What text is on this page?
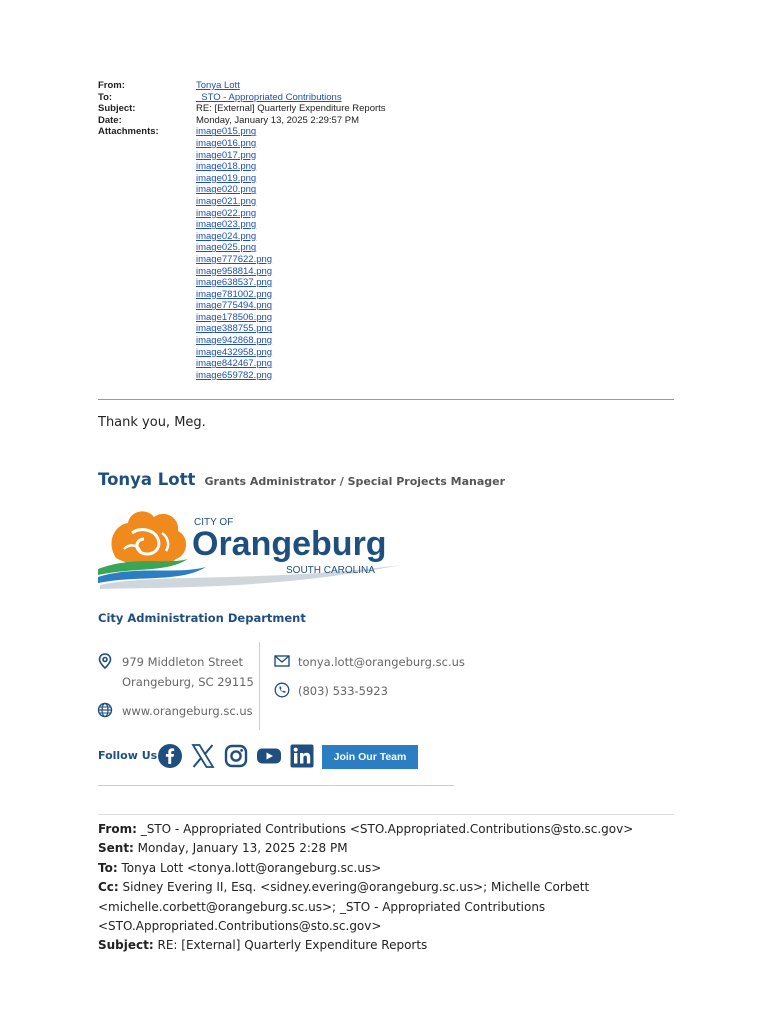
From:	Tonya Lott
To:	_STO - Appropriated Contributions
Subject:	RE: [External] Quarterly Expenditure Reports
Date:	Monday, January 13, 2025 2:29:57 PM
Attachments:	image015.png
image016.png
image017.png
image018.png
image019.png
image020.png
image021.png
image022.png
image023.png
image024.png
image025.png
image777622.png
image958814.png
image638537.png
image781002.png
image775494.png
image178506.png
image388755.png
image942868.png
image432958.png
image842467.png
image659782.png
Thank you, Meg.
Tonya Lott Grants Administrator / Special Projects Manager
CITY OF
Orangeburg
SOUTH CAROLINA
City Administration Department
979 Middleton Street
Orangeburg, SC 29115
www.orangeburg.sc.us
tonya.lott@orangeburg.sc.us
(803) 533-5923
Follow Us	Join Our Team
From: _STO - Appropriated Contributions <STO.Appropriated.Contributions@sto.sc.gov>
Sent: Monday, January 13, 2025 2:28 PM
To: Tonya Lott <tonya.lott@orangeburg.sc.us>
Cc: Sidney Evering II, Esq. <sidney.evering@orangeburg.sc.us>; Michelle Corbett <michelle.corbett@orangeburg.sc.us>; _STO - Appropriated Contributions <STO.Appropriated.Contributions@sto.sc.gov>
Subject: RE: [External] Quarterly Expenditure Reports
